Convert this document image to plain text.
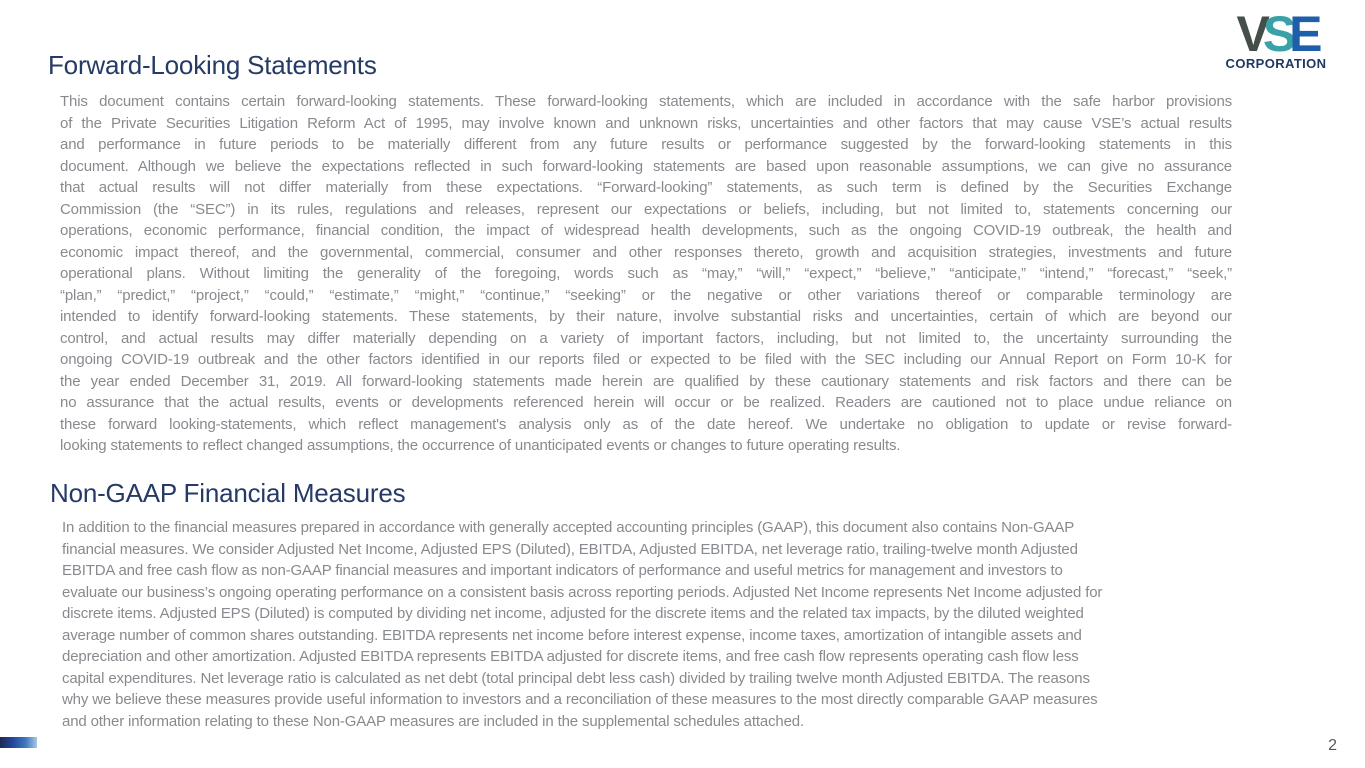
VSE
CORPORATION
Forward-Looking Statements
This document contains certain forward-looking statements. These forward-looking statements, which are included in accordance with the safe harbor provisions
of the Private Securities Litigation Reform Act of 1995, may involve known and unknown risks, uncertainties and other factors that may cause VSE’s actual results
and performance in future periods to be materially different from any future results or performance suggested by the forward-looking statements in this
document. Although we believe the expectations reflected in such forward-looking statements are based upon reasonable assumptions, we can give no assurance
that actual results will not differ materially from these expectations. “Forward-looking” statements, as such term is defined by the Securities Exchange
Commission (the “SEC”) in its rules, regulations and releases, represent our expectations or beliefs, including, but not limited to, statements concerning our
operations, economic performance, financial condition, the impact of widespread health developments, such as the ongoing COVID-19 outbreak, the health and
economic impact thereof, and the governmental, commercial, consumer and other responses thereto, growth and acquisition strategies, investments and future
operational plans. Without limiting the generality of the foregoing, words such as “may,” “will,” “expect,” “believe,” “anticipate,” “intend,” “forecast,” “seek,”
“plan,” “predict,” “project,” “could,” “estimate,” “might,” “continue,” “seeking” or the negative or other variations thereof or comparable terminology are
intended to identify forward-looking statements. These statements, by their nature, involve substantial risks and uncertainties, certain of which are beyond our
control, and actual results may differ materially depending on a variety of important factors, including, but not limited to, the uncertainty surrounding the
ongoing COVID-19 outbreak and the other factors identified in our reports filed or expected to be filed with the SEC including our Annual Report on Form 10-K for
the year ended December 31, 2019. All forward-looking statements made herein are qualified by these cautionary statements and risk factors and there can be
no assurance that the actual results, events or developments referenced herein will occur or be realized. Readers are cautioned not to place undue reliance on
these forward looking-statements, which reflect management's analysis only as of the date hereof. We undertake no obligation to update or revise forward-
looking statements to reflect changed assumptions, the occurrence of unanticipated events or changes to future operating results.
Non-GAAP Financial Measures
In addition to the financial measures prepared in accordance with generally accepted accounting principles (GAAP), this document also contains Non-GAAP
financial measures. We consider Adjusted Net Income, Adjusted EPS (Diluted), EBITDA, Adjusted EBITDA, net leverage ratio, trailing-twelve month Adjusted
EBITDA and free cash flow as non-GAAP financial measures and important indicators of performance and useful metrics for management and investors to
evaluate our business’s ongoing operating performance on a consistent basis across reporting periods. Adjusted Net Income represents Net Income adjusted for
discrete items. Adjusted EPS (Diluted) is computed by dividing net income, adjusted for the discrete items and the related tax impacts, by the diluted weighted
average number of common shares outstanding. EBITDA represents net income before interest expense, income taxes, amortization of intangible assets and
depreciation and other amortization. Adjusted EBITDA represents EBITDA adjusted for discrete items, and free cash flow represents operating cash flow less
capital expenditures. Net leverage ratio is calculated as net debt (total principal debt less cash) divided by trailing twelve month Adjusted EBITDA. The reasons
why we believe these measures provide useful information to investors and a reconciliation of these measures to the most directly comparable GAAP measures
and other information relating to these Non-GAAP measures are included in the supplemental schedules attached.
2
